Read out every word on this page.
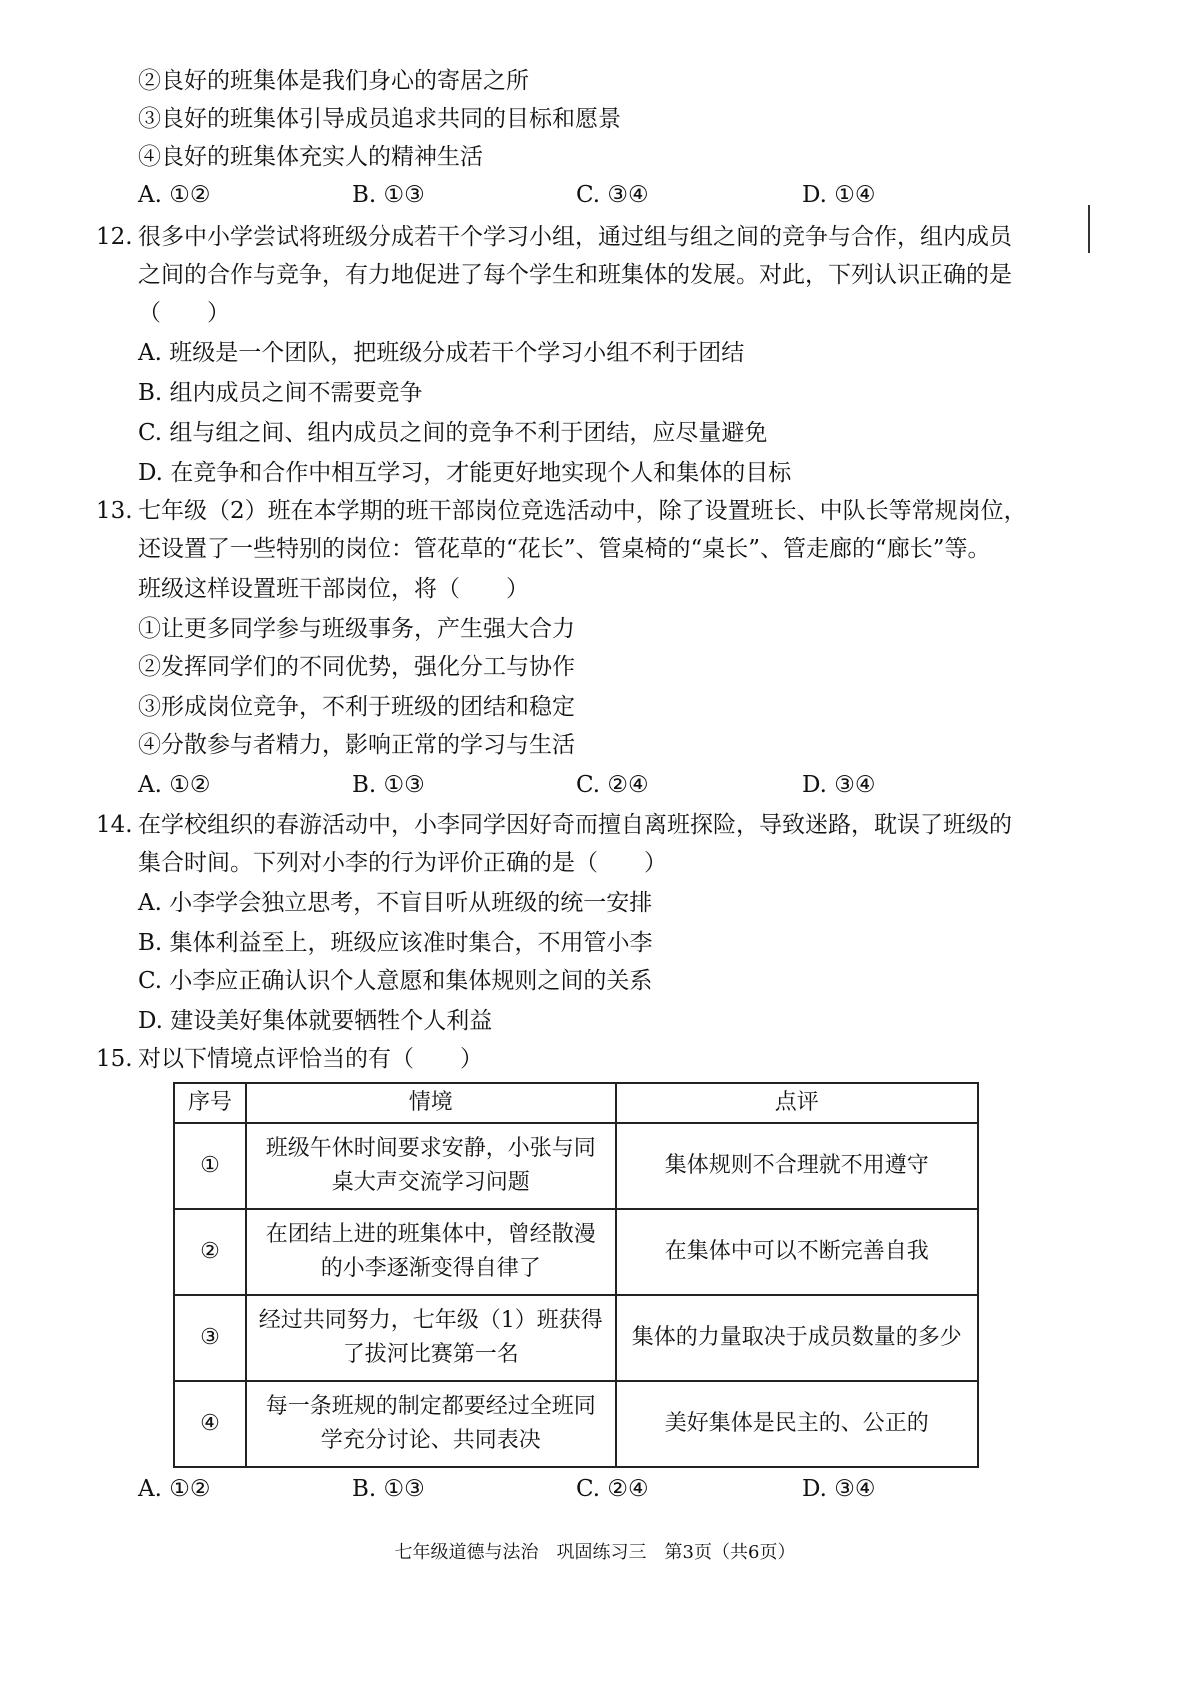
②良好的班集体是我们身心的寄居之所
③良好的班集体引导成员追求共同的目标和愿景
④良好的班集体充实人的精神生活
A. ①②	B. ①③	C. ③④	D. ①④
12. 很多中小学尝试将班级分成若干个学习小组，通过组与组之间的竞争与合作，组内成员
之间的合作与竞争，有力地促进了每个学生和班集体的发展。对此，下列认识正确的是
（　　）
A. 班级是一个团队，把班级分成若干个学习小组不利于团结
B. 组内成员之间不需要竞争
C. 组与组之间、组内成员之间的竞争不利于团结，应尽量避免
D. 在竞争和合作中相互学习，才能更好地实现个人和集体的目标
13. 七年级（2）班在本学期的班干部岗位竞选活动中，除了设置班长、中队长等常规岗位，
还设置了一些特别的岗位：管花草的“花长”、管桌椅的“桌长”、管走廊的“廊长”等。
班级这样设置班干部岗位，将（　　）
①让更多同学参与班级事务，产生强大合力
②发挥同学们的不同优势，强化分工与协作
③形成岗位竞争，不利于班级的团结和稳定
④分散参与者精力，影响正常的学习与生活
A. ①②	B. ①③	C. ②④	D. ③④
14. 在学校组织的春游活动中，小李同学因好奇而擅自离班探险，导致迷路，耽误了班级的
集合时间。下列对小李的行为评价正确的是（　　）
A. 小李学会独立思考，不盲目听从班级的统一安排
B. 集体利益至上，班级应该准时集合，不用管小李
C. 小李应正确认识个人意愿和集体规则之间的关系
D. 建设美好集体就要牺牲个人利益
15. 对以下情境点评恰当的有（　　）
序号	情境	点评
①	班级午休时间要求安静，小张与同桌大声交流学习问题	集体规则不合理就不用遵守
②	在团结上进的班集体中，曾经散漫的小李逐渐变得自律了	在集体中可以不断完善自我
③	经过共同努力，七年级（1）班获得了拔河比赛第一名	集体的力量取决于成员数量的多少
④	每一条班规的制定都要经过全班同学充分讨论、共同表决	美好集体是民主的、公正的
A. ①②	B. ①③	C. ②④	D. ③④
七年级道德与法治　巩固练习三　第3页（共6页）
